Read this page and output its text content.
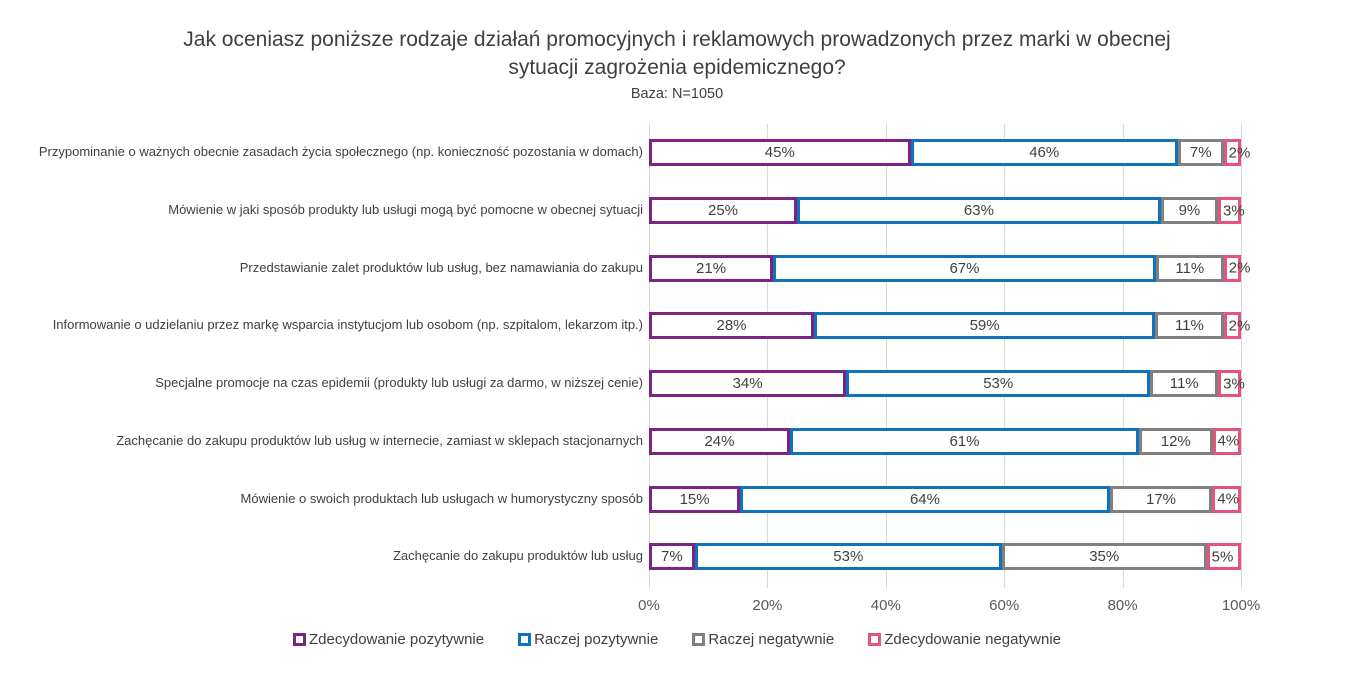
Jak oceniasz poniższe rodzaje działań promocyjnych i reklamowych prowadzonych przez marki w obecnej sytuacji zagrożenia epidemicznego?
Baza: N=1050
0%	20%	40%	60%	80%	100%
Przypominanie o ważnych obecnie zasadach życia społecznego (np. konieczność pozostania w domach)	45%	46%	7% 2%
Mówienie w jaki sposób produkty lub usługi mogą być pomocne w obecnej sytuacji	25%	63%	9% 3%
Przedstawianie zalet produktów lub usług, bez namawiania do zakupu	21%	67%	11% 2%
Informowanie o udzielaniu przez markę wsparcia instytucjom lub osobom (np. szpitalom, lekarzom itp.)	28%	59%	11% 2%
Specjalne promocje na czas epidemii (produkty lub usługi za darmo, w niższej cenie)	34%	53%	11% 3%
Zachęcanie do zakupu produktów lub usług w internecie, zamiast w sklepach stacjonarnych	24%	61%	12% 4%
Mówienie o swoich produktach lub usługach w humorystyczny sposób 15%	64%	17%	4%
Zachęcanie do zakupu produktów lub usług 7%	53%	35%	5%
Zdecydowanie pozytywnie	Raczej pozytywnie	Raczej negatywnie	Zdecydowanie negatywnie
